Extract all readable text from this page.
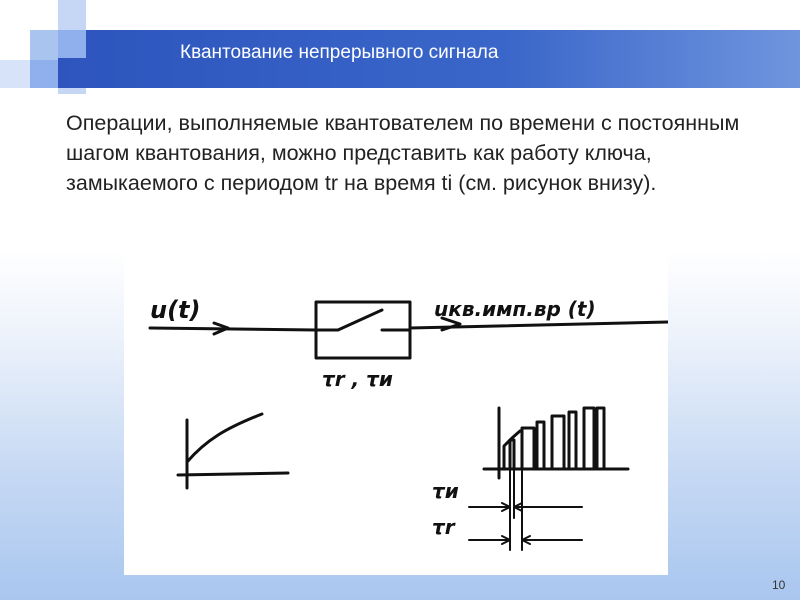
Квантование непрерывного сигнала
Операции, выполняемые квантователем по времени с постоянным шагом квантования, можно представить как работу ключа, замыкаемого с периодом tr на время ti (см. рисунок внизу).
u(t)	uкв.имп.вр (t)
τr , τи
τи
τr
10
